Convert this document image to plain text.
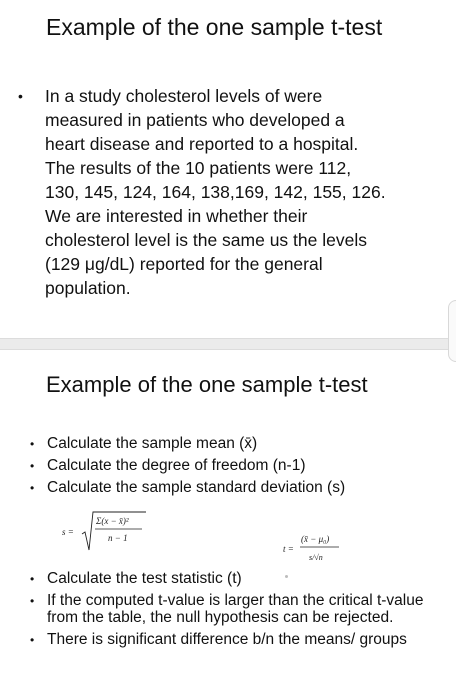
Example of the one sample t-test
• In a study cholesterol levels of were
measured in patients who developed a
heart disease and reported to a hospital.
The results of the 10 patients were 112,
130, 145, 124, 164, 138,169, 142, 155, 126.
We are interested in whether their
cholesterol level is the same us the levels
(129 μg/dL) reported for the general
population.

Example of the one sample t-test
• Calculate the sample mean (x̄)
• Calculate the degree of freedom (n-1)
• Calculate the sample standard deviation (s)
s =
Σ(x − x̄)²
n − 1
t =
(x̄ − μ₀)
s/√n
• Calculate the test statistic (t)
• If the computed t-value is larger than the critical t-value from the table, the null hypothesis can be rejected.
• There is significant difference b/n the means/ groups
